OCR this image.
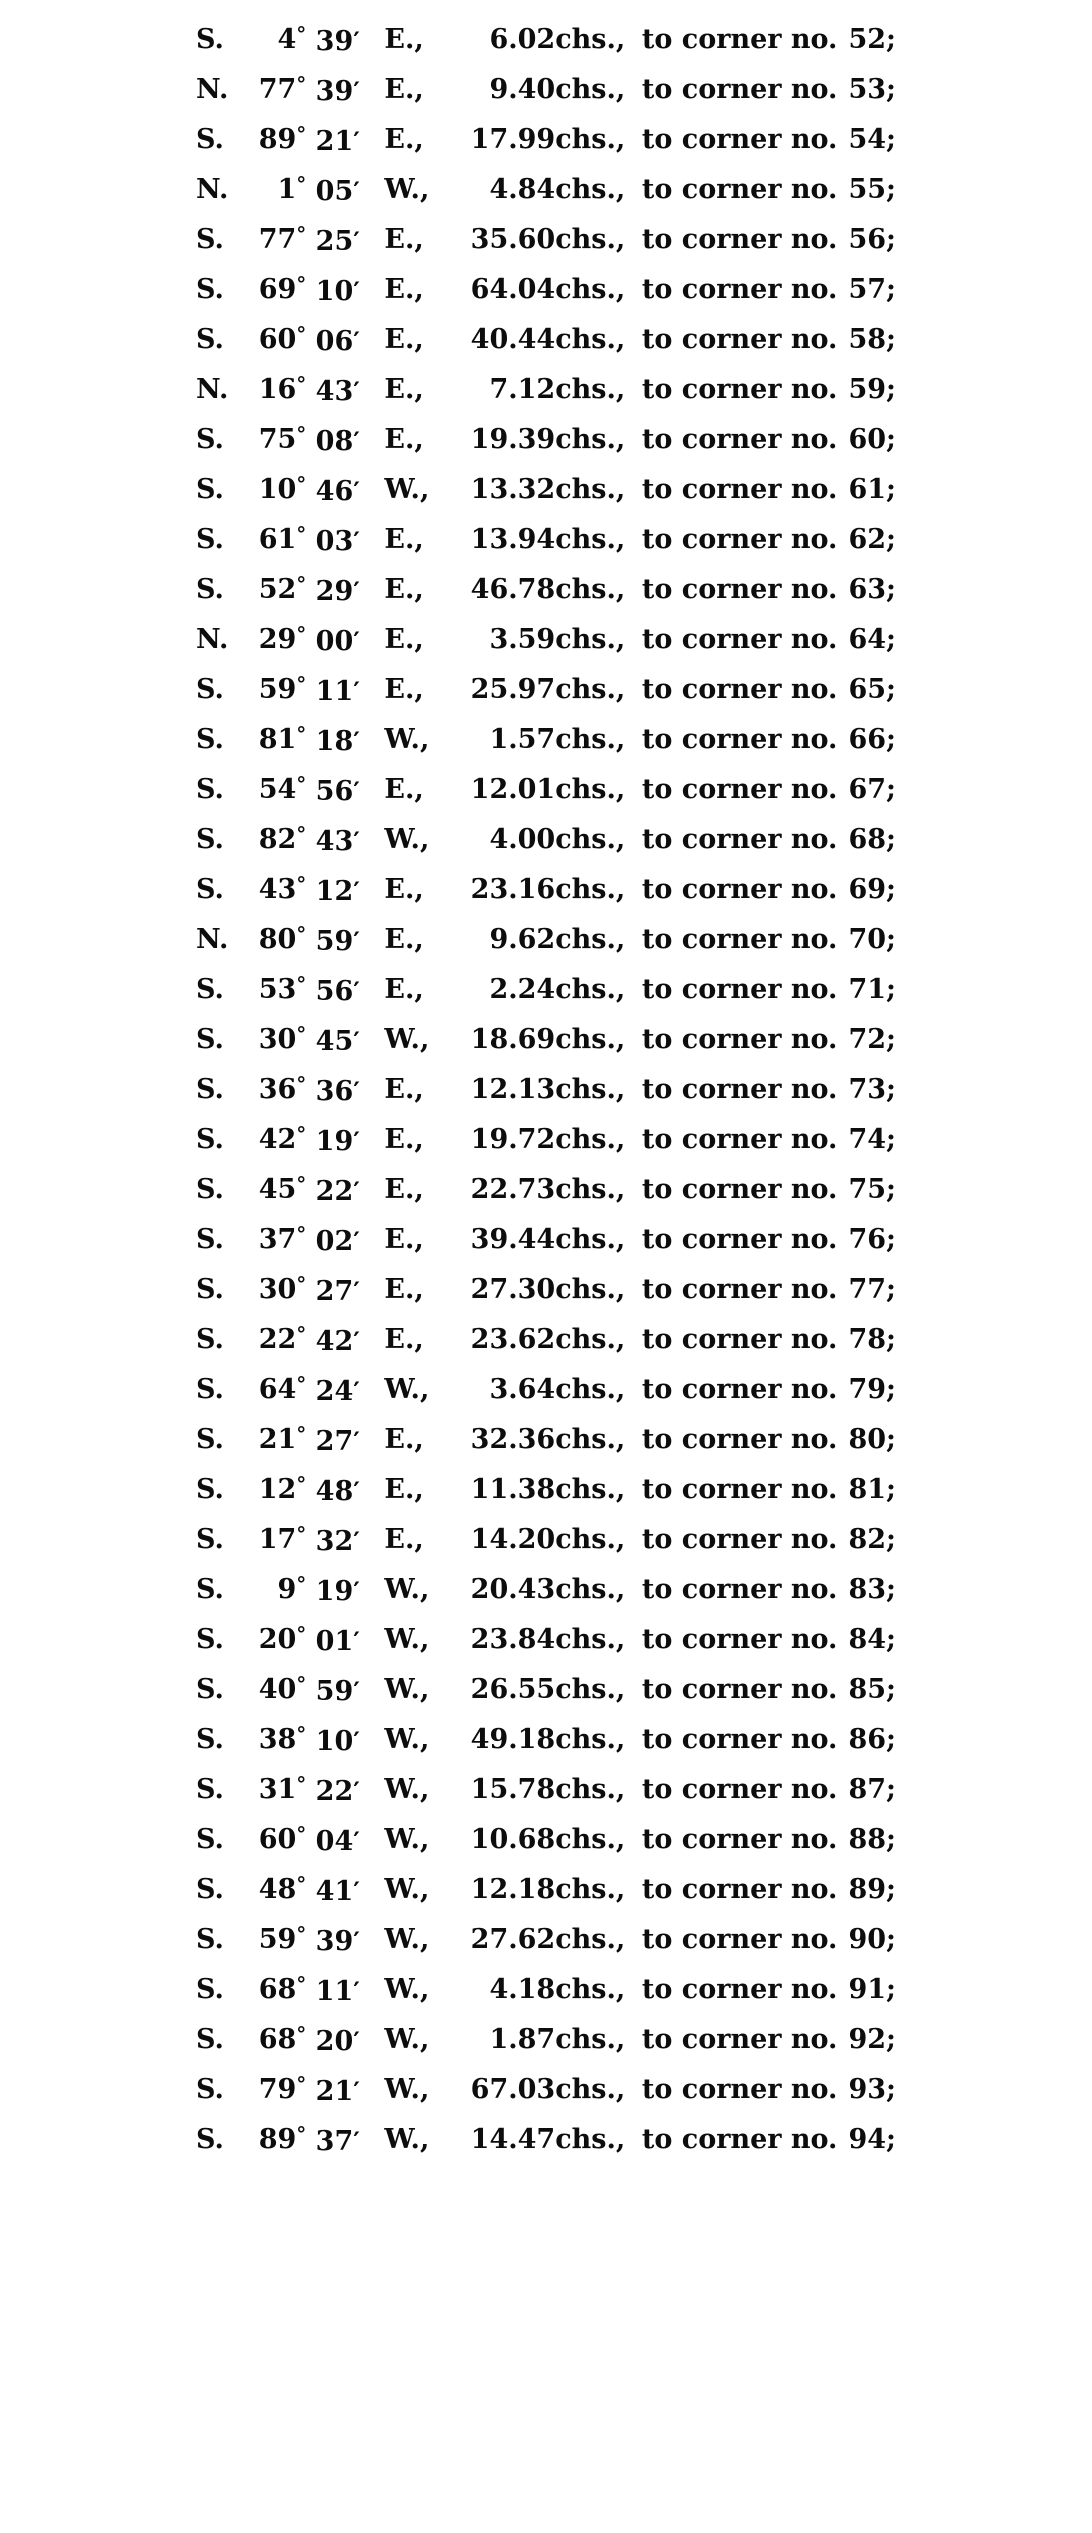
S.	4	° 39′	E.,	6.02	chs.,	to corner no.	52;
N.	77	° 39′	E.,	9.40	chs.,	to corner no.	53;
S.	89	° 21′	E.,	17.99	chs.,	to corner no.	54;
N.	1	° 05′	W.,	4.84	chs.,	to corner no.	55;
S.	77	° 25′	E.,	35.60	chs.,	to corner no.	56;
S.	69	° 10′	E.,	64.04	chs.,	to corner no.	57;
S.	60	° 06′	E.,	40.44	chs.,	to corner no.	58;
N.	16	° 43′	E.,	7.12	chs.,	to corner no.	59;
S.	75	° 08′	E.,	19.39	chs.,	to corner no.	60;
S.	10	° 46′	W.,	13.32	chs.,	to corner no.	61;
S.	61	° 03′	E.,	13.94	chs.,	to corner no.	62;
S.	52	° 29′	E.,	46.78	chs.,	to corner no.	63;
N.	29	° 00′	E.,	3.59	chs.,	to corner no.	64;
S.	59	° 11′	E.,	25.97	chs.,	to corner no.	65;
S.	81	° 18′	W.,	1.57	chs.,	to corner no.	66;
S.	54	° 56′	E.,	12.01	chs.,	to corner no.	67;
S.	82	° 43′	W.,	4.00	chs.,	to corner no.	68;
S.	43	° 12′	E.,	23.16	chs.,	to corner no.	69;
N.	80	° 59′	E.,	9.62	chs.,	to corner no.	70;
S.	53	° 56′	E.,	2.24	chs.,	to corner no.	71;
S.	30	° 45′	W.,	18.69	chs.,	to corner no.	72;
S.	36	° 36′	E.,	12.13	chs.,	to corner no.	73;
S.	42	° 19′	E.,	19.72	chs.,	to corner no.	74;
S.	45	° 22′	E.,	22.73	chs.,	to corner no.	75;
S.	37	° 02′	E.,	39.44	chs.,	to corner no.	76;
S.	30	° 27′	E.,	27.30	chs.,	to corner no.	77;
S.	22	° 42′	E.,	23.62	chs.,	to corner no.	78;
S.	64	° 24′	W.,	3.64	chs.,	to corner no.	79;
S.	21	° 27′	E.,	32.36	chs.,	to corner no.	80;
S.	12	° 48′	E.,	11.38	chs.,	to corner no.	81;
S.	17	° 32′	E.,	14.20	chs.,	to corner no.	82;
S.	9	° 19′	W.,	20.43	chs.,	to corner no.	83;
S.	20	° 01′	W.,	23.84	chs.,	to corner no.	84;
S.	40	° 59′	W.,	26.55	chs.,	to corner no.	85;
S.	38	° 10′	W.,	49.18	chs.,	to corner no.	86;
S.	31	° 22′	W.,	15.78	chs.,	to corner no.	87;
S.	60	° 04′	W.,	10.68	chs.,	to corner no.	88;
S.	48	° 41′	W.,	12.18	chs.,	to corner no.	89;
S.	59	° 39′	W.,	27.62	chs.,	to corner no.	90;
S.	68	° 11′	W.,	4.18	chs.,	to corner no.	91;
S.	68	° 20′	W.,	1.87	chs.,	to corner no.	92;
S.	79	° 21′	W.,	67.03	chs.,	to corner no.	93;
S.	89	° 37′	W.,	14.47	chs.,	to corner no.	94;
